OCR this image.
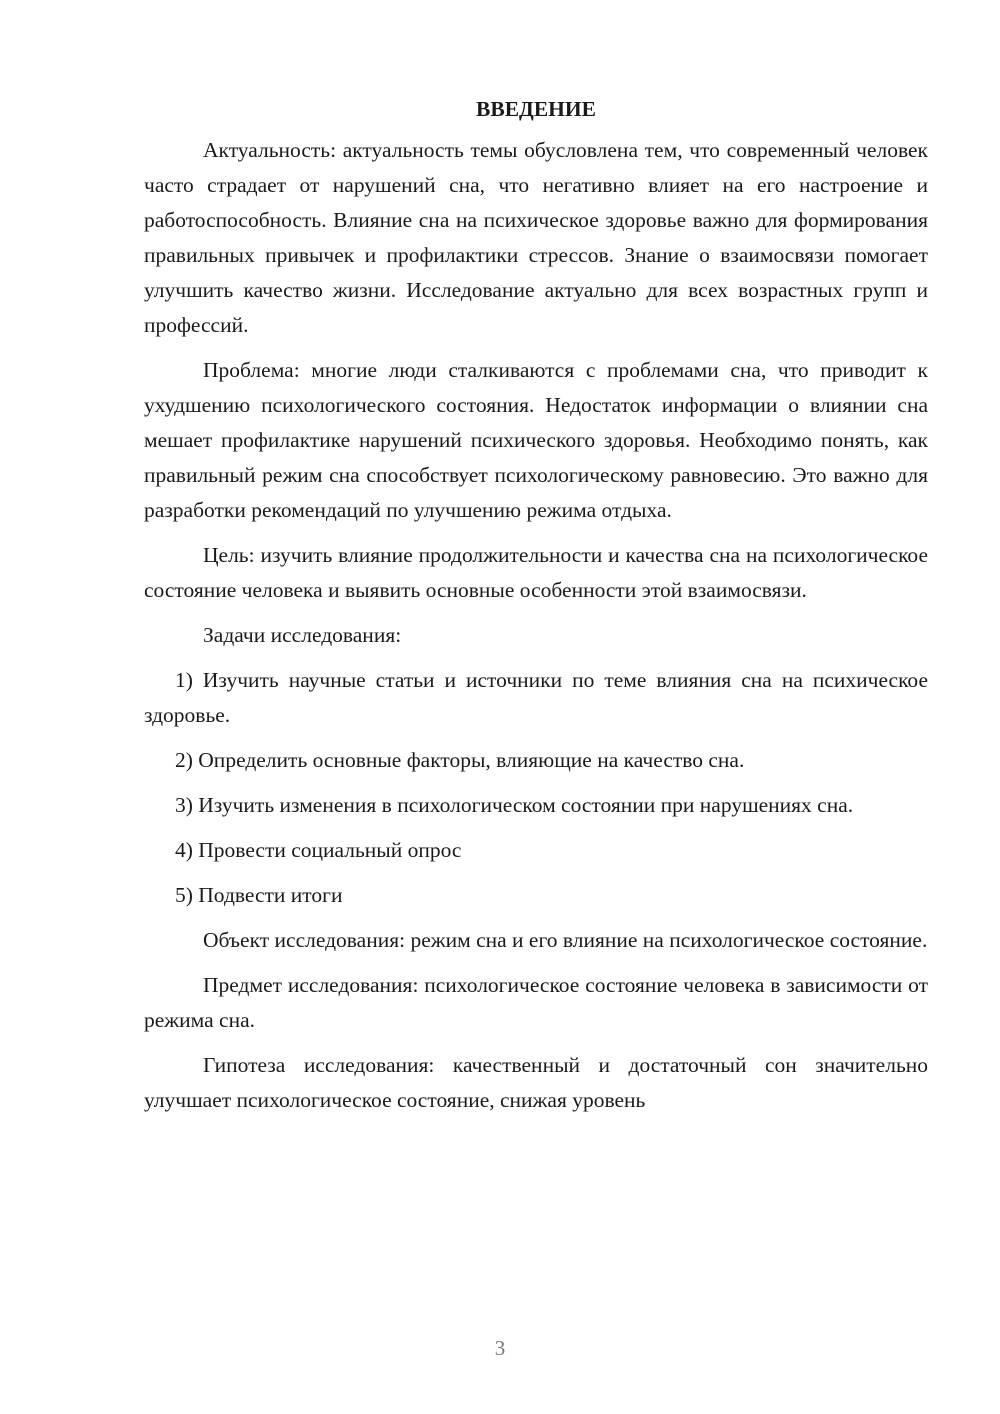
ВВЕДЕНИЕ

Актуальность: актуальность темы обусловлена тем, что современный человек часто страдает от нарушений сна, что негативно влияет на его настроение и работоспособность. Влияние сна на психическое здоровье важно для формирования правильных привычек и профилактики стрессов. Знание о взаимосвязи помогает улучшить качество жизни. Исследование актуально для всех возрастных групп и профессий.

Проблема: многие люди сталкиваются с проблемами сна, что приводит к ухудшению психологического состояния. Недостаток информации о влиянии сна мешает профилактике нарушений психического здоровья. Необходимо понять, как правильный режим сна способствует психологическому равновесию. Это важно для разработки рекомендаций по улучшению режима отдыха.

Цель: изучить влияние продолжительности и качества сна на психологическое состояние человека и выявить основные особенности этой взаимосвязи.

Задачи исследования:

1) Изучить научные статьи и источники по теме влияния сна на психическое здоровье.

2) Определить основные факторы, влияющие на качество сна.

3) Изучить изменения в психологическом состоянии при нарушениях сна.

4) Провести социальный опрос

5) Подвести итоги

Объект исследования: режим сна и его влияние на психологическое состояние.

Предмет исследования: психологическое состояние человека в зависимости от режима сна.

Гипотеза исследования: качественный и достаточный сон значительно улучшает психологическое состояние, снижая уровень

3
